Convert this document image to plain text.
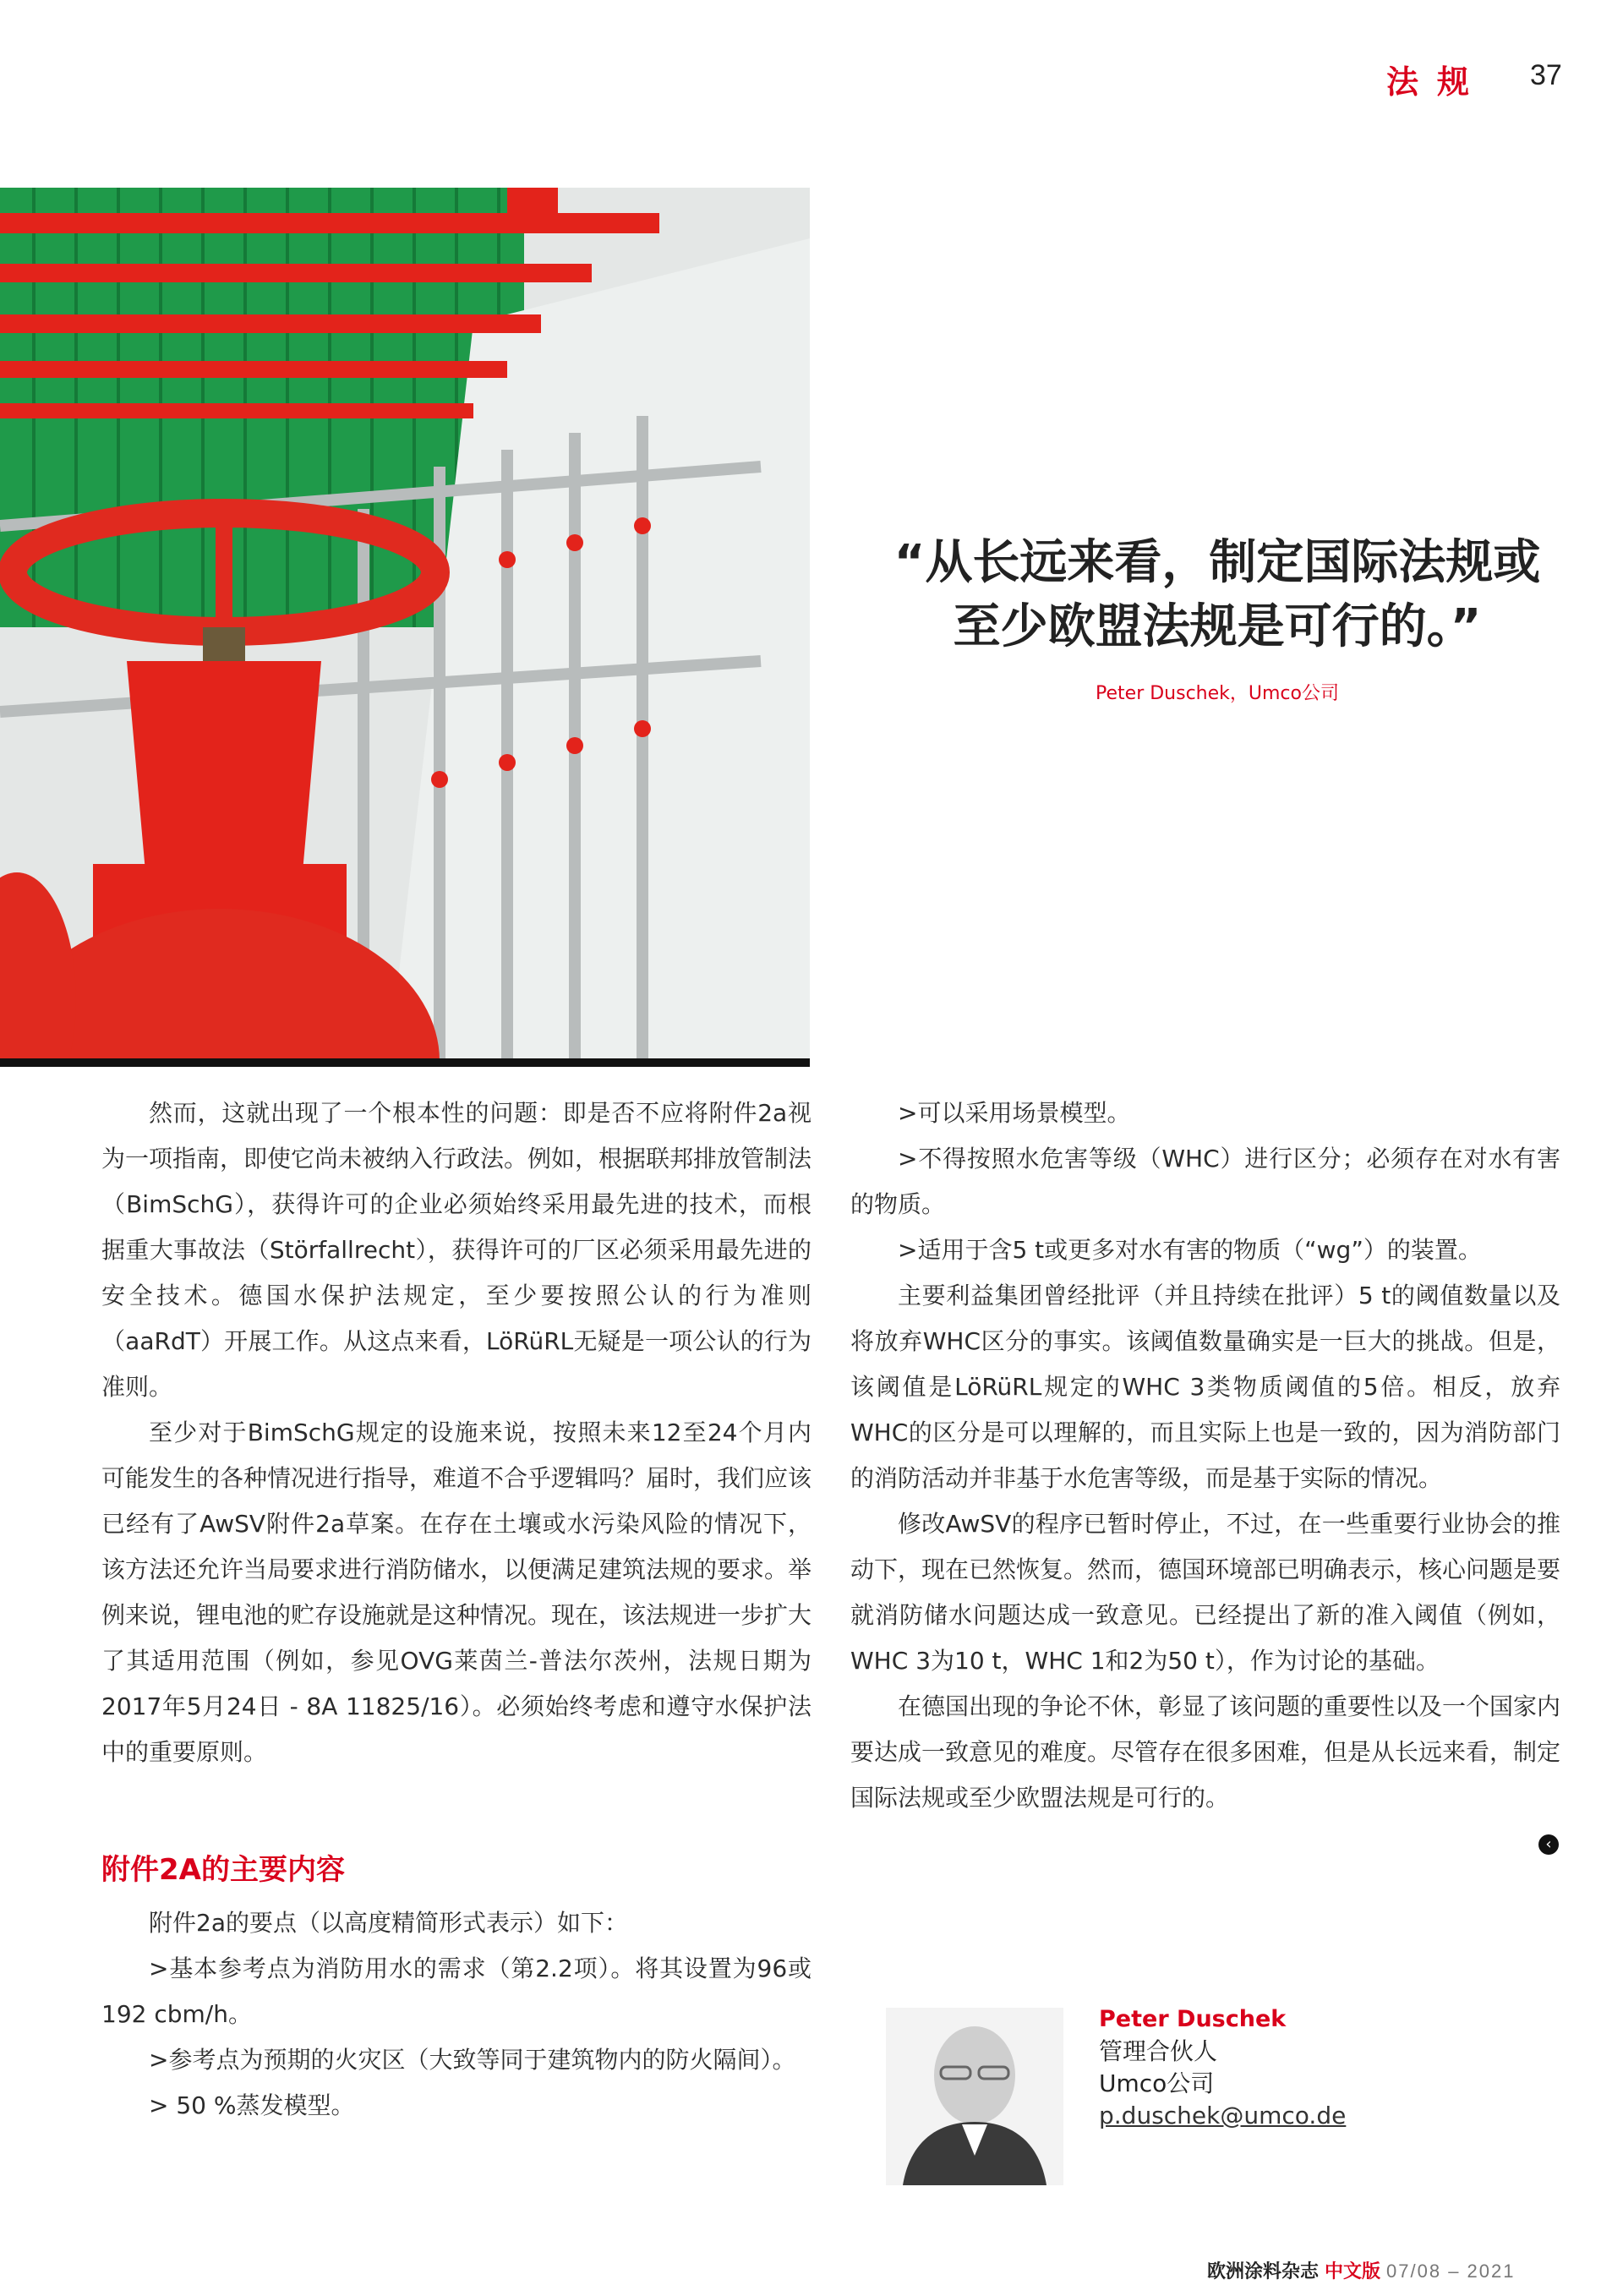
法规 37
“从长远来看，制定国际法规或
至少欧盟法规是可行的。”
Peter Duschek，Umco公司

然而，这就出现了一个根本性的问题：即是否不应将附件2a视为一项指南，即使它尚未被纳入行政法。例如，根据联邦排放管制法（BimSchG），获得许可的企业必须始终采用最先进的技术，而根据重大事故法（Störfallrecht），获得许可的厂区必须采用最先进的安全技术。德国水保护法规定，至少要按照公认的行为准则（aaRdT）开展工作。从这点来看，LöRüRL无疑是一项公认的行为准则。

至少对于BimSchG规定的设施来说，按照未来12至24个月内可能发生的各种情况进行指导，难道不合乎逻辑吗？届时，我们应该已经有了AwSV附件2a草案。在存在土壤或水污染风险的情况下，该方法还允许当局要求进行消防储水，以便满足建筑法规的要求。举例来说，锂电池的贮存设施就是这种情况。现在，该法规进一步扩大了其适用范围（例如，参见OVG莱茵兰-普法尔茨州，法规日期为2017年5月24日 - 8A 11825/16）。必须始终考虑和遵守水保护法中的重要原则。

附件2A的主要内容

附件2a的要点（以高度精简形式表示）如下：

>基本参考点为消防用水的需求（第2.2项）。将其设置为96或192 cbm/h。

>参考点为预期的火灾区（大致等同于建筑物内的防火隔间）。

> 50 %蒸发模型。

>可以采用场景模型。

>不得按照水危害等级（WHC）进行区分；必须存在对水有害的物质。

>适用于含5 t或更多对水有害的物质（“wg”）的装置。

主要利益集团曾经批评（并且持续在批评）5 t的阈值数量以及将放弃WHC区分的事实。该阈值数量确实是一巨大的挑战。但是，该阈值是LöRüRL规定的WHC 3类物质阈值的5倍。相反，放弃WHC的区分是可以理解的，而且实际上也是一致的，因为消防部门的消防活动并非基于水危害等级，而是基于实际的情况。

修改AwSV的程序已暂时停止，不过，在一些重要行业协会的推动下，现在已然恢复。然而，德国环境部已明确表示，核心问题是要就消防储水问题达成一致意见。已经提出了新的准入阈值（例如，WHC 3为10 t，WHC 1和2为50 t），作为讨论的基础。

在德国出现的争论不休，彰显了该问题的重要性以及一个国家内要达成一致意见的难度。尽管存在很多困难，但是从长远来看，制定国际法规或至少欧盟法规是可行的。

‹
Peter Duschek
管理合伙人
Umco公司
p.duschek@umco.de
欧洲涂料杂志 中文版 07/08 – 2021
